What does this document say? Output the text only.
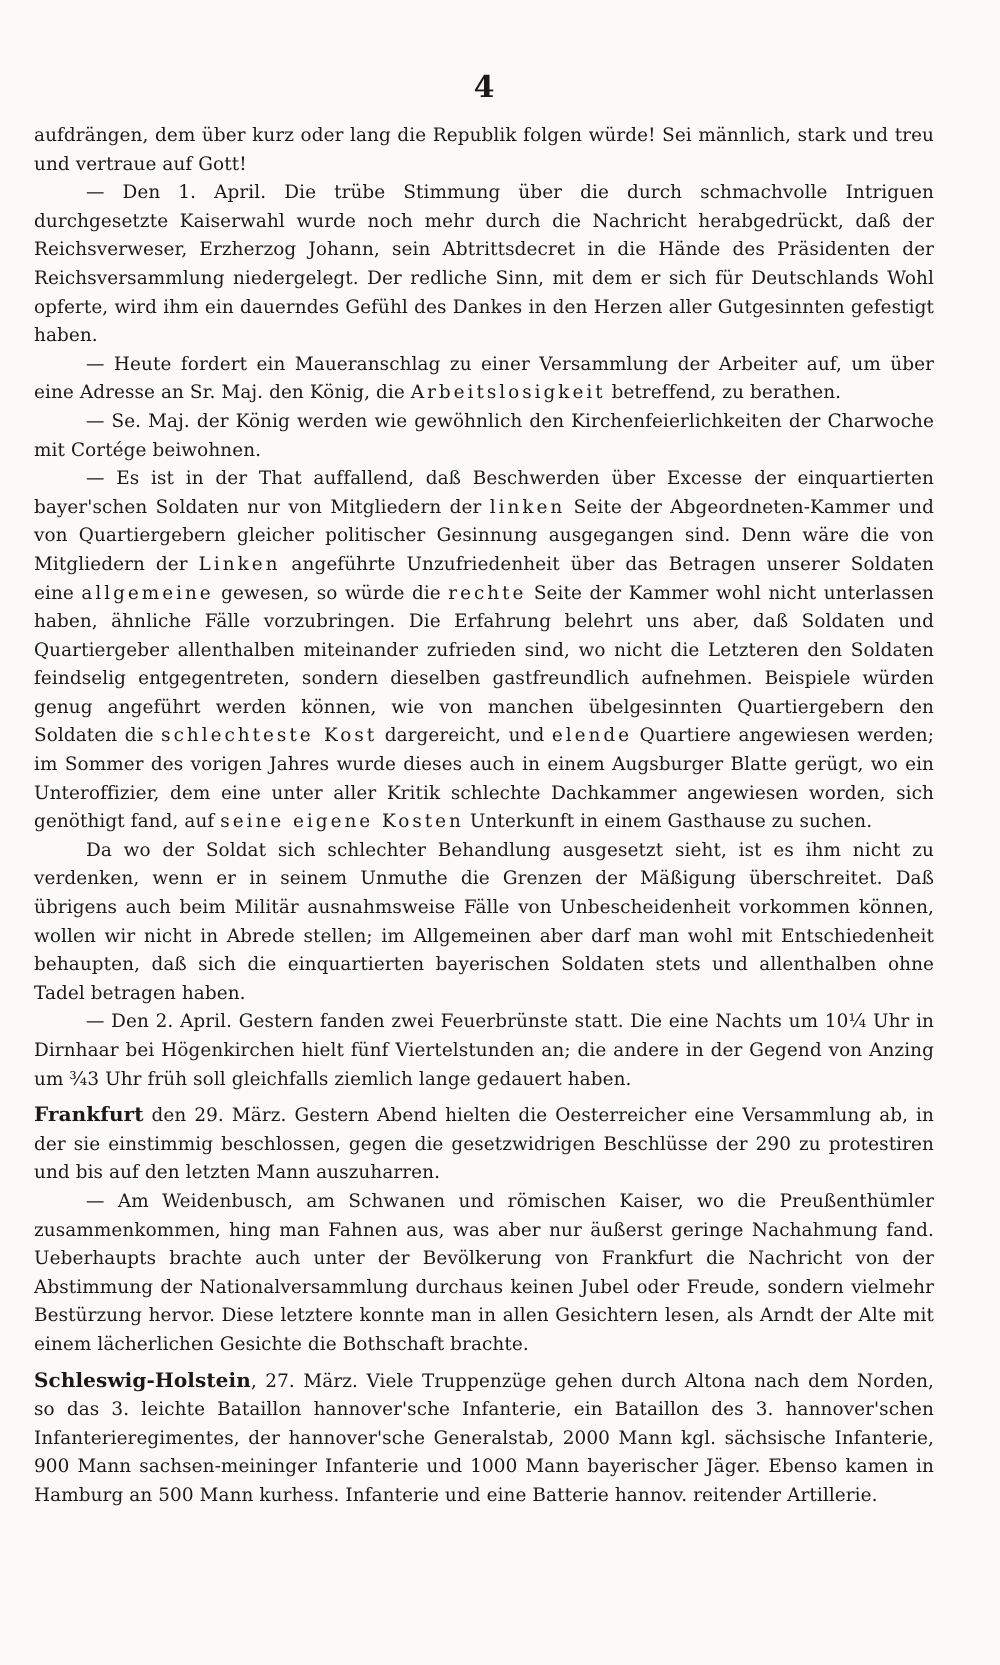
4

aufdrängen, dem über kurz oder lang die Republik folgen würde! Sei männlich, stark und treu und vertraue auf Gott!

— Den 1. April. Die trübe Stimmung über die durch schmachvolle Intriguen durchgesetzte Kaiserwahl wurde noch mehr durch die Nachricht herabgedrückt, daß der Reichsverweser, Erzherzog Johann, sein Abtrittsdecret in die Hände des Präsidenten der Reichsversammlung niedergelegt. Der redliche Sinn, mit dem er sich für Deutschlands Wohl opferte, wird ihm ein dauerndes Gefühl des Dankes in den Herzen aller Gutgesinnten gefestigt haben.

— Heute fordert ein Maueranschlag zu einer Versammlung der Arbeiter auf, um über eine Adresse an Sr. Maj. den König, die Arbeitslosigkeit betreffend, zu berathen.

— Se. Maj. der König werden wie gewöhnlich den Kirchenfeierlichkeiten der Charwoche mit Cortége beiwohnen.

— Es ist in der That auffallend, daß Beschwerden über Excesse der einquartierten bayer'schen Soldaten nur von Mitgliedern der linken Seite der Abgeordneten-Kammer und von Quartiergebern gleicher politischer Gesinnung ausgegangen sind. Denn wäre die von Mitgliedern der Linken angeführte Unzufriedenheit über das Betragen unserer Soldaten eine allgemeine gewesen, so würde die rechte Seite der Kammer wohl nicht unterlassen haben, ähnliche Fälle vorzubringen. Die Erfahrung belehrt uns aber, daß Soldaten und Quartiergeber allenthalben miteinander zufrieden sind, wo nicht die Letzteren den Soldaten feindselig entgegentreten, sondern dieselben gastfreundlich aufnehmen. Beispiele würden genug angeführt werden können, wie von manchen übelgesinnten Quartiergebern den Soldaten die schlechteste Kost dargereicht, und elende Quartiere angewiesen werden; im Sommer des vorigen Jahres wurde dieses auch in einem Augsburger Blatte gerügt, wo ein Unteroffizier, dem eine unter aller Kritik schlechte Dachkammer angewiesen worden, sich genöthigt fand, auf seine eigene Kosten Unterkunft in einem Gasthause zu suchen.

Da wo der Soldat sich schlechter Behandlung ausgesetzt sieht, ist es ihm nicht zu verdenken, wenn er in seinem Unmuthe die Grenzen der Mäßigung überschreitet. Daß übrigens auch beim Militär ausnahmsweise Fälle von Unbescheidenheit vorkommen können, wollen wir nicht in Abrede stellen; im Allgemeinen aber darf man wohl mit Entschiedenheit behaupten, daß sich die einquartierten bayerischen Soldaten stets und allenthalben ohne Tadel betragen haben.

— Den 2. April. Gestern fanden zwei Feuerbrünste statt. Die eine Nachts um 10¼ Uhr in Dirnhaar bei Högenkirchen hielt fünf Viertelstunden an; die andere in der Gegend von Anzing um ¾3 Uhr früh soll gleichfalls ziemlich lange gedauert haben.

Frankfurt den 29. März. Gestern Abend hielten die Oesterreicher eine Versammlung ab, in der sie einstimmig beschlossen, gegen die gesetzwidrigen Beschlüsse der 290 zu protestiren und bis auf den letzten Mann auszuharren.

— Am Weidenbusch, am Schwanen und römischen Kaiser, wo die Preußenthümler zusammenkommen, hing man Fahnen aus, was aber nur äußerst geringe Nachahmung fand. Ueberhaupts brachte auch unter der Bevölkerung von Frankfurt die Nachricht von der Abstimmung der Nationalversammlung durchaus keinen Jubel oder Freude, sondern vielmehr Bestürzung hervor. Diese letztere konnte man in allen Gesichtern lesen, als Arndt der Alte mit einem lächerlichen Gesichte die Bothschaft brachte.

Schleswig-Holstein, 27. März. Viele Truppenzüge gehen durch Altona nach dem Norden, so das 3. leichte Bataillon hannover'sche Infanterie, ein Bataillon des 3. hannover'schen Infanterieregimentes, der hannover'sche Generalstab, 2000 Mann kgl. sächsische Infanterie, 900 Mann sachsen-meininger Infanterie und 1000 Mann bayerischer Jäger. Ebenso kamen in Hamburg an 500 Mann kurhess. Infanterie und eine Batterie hannov. reitender Artillerie.
